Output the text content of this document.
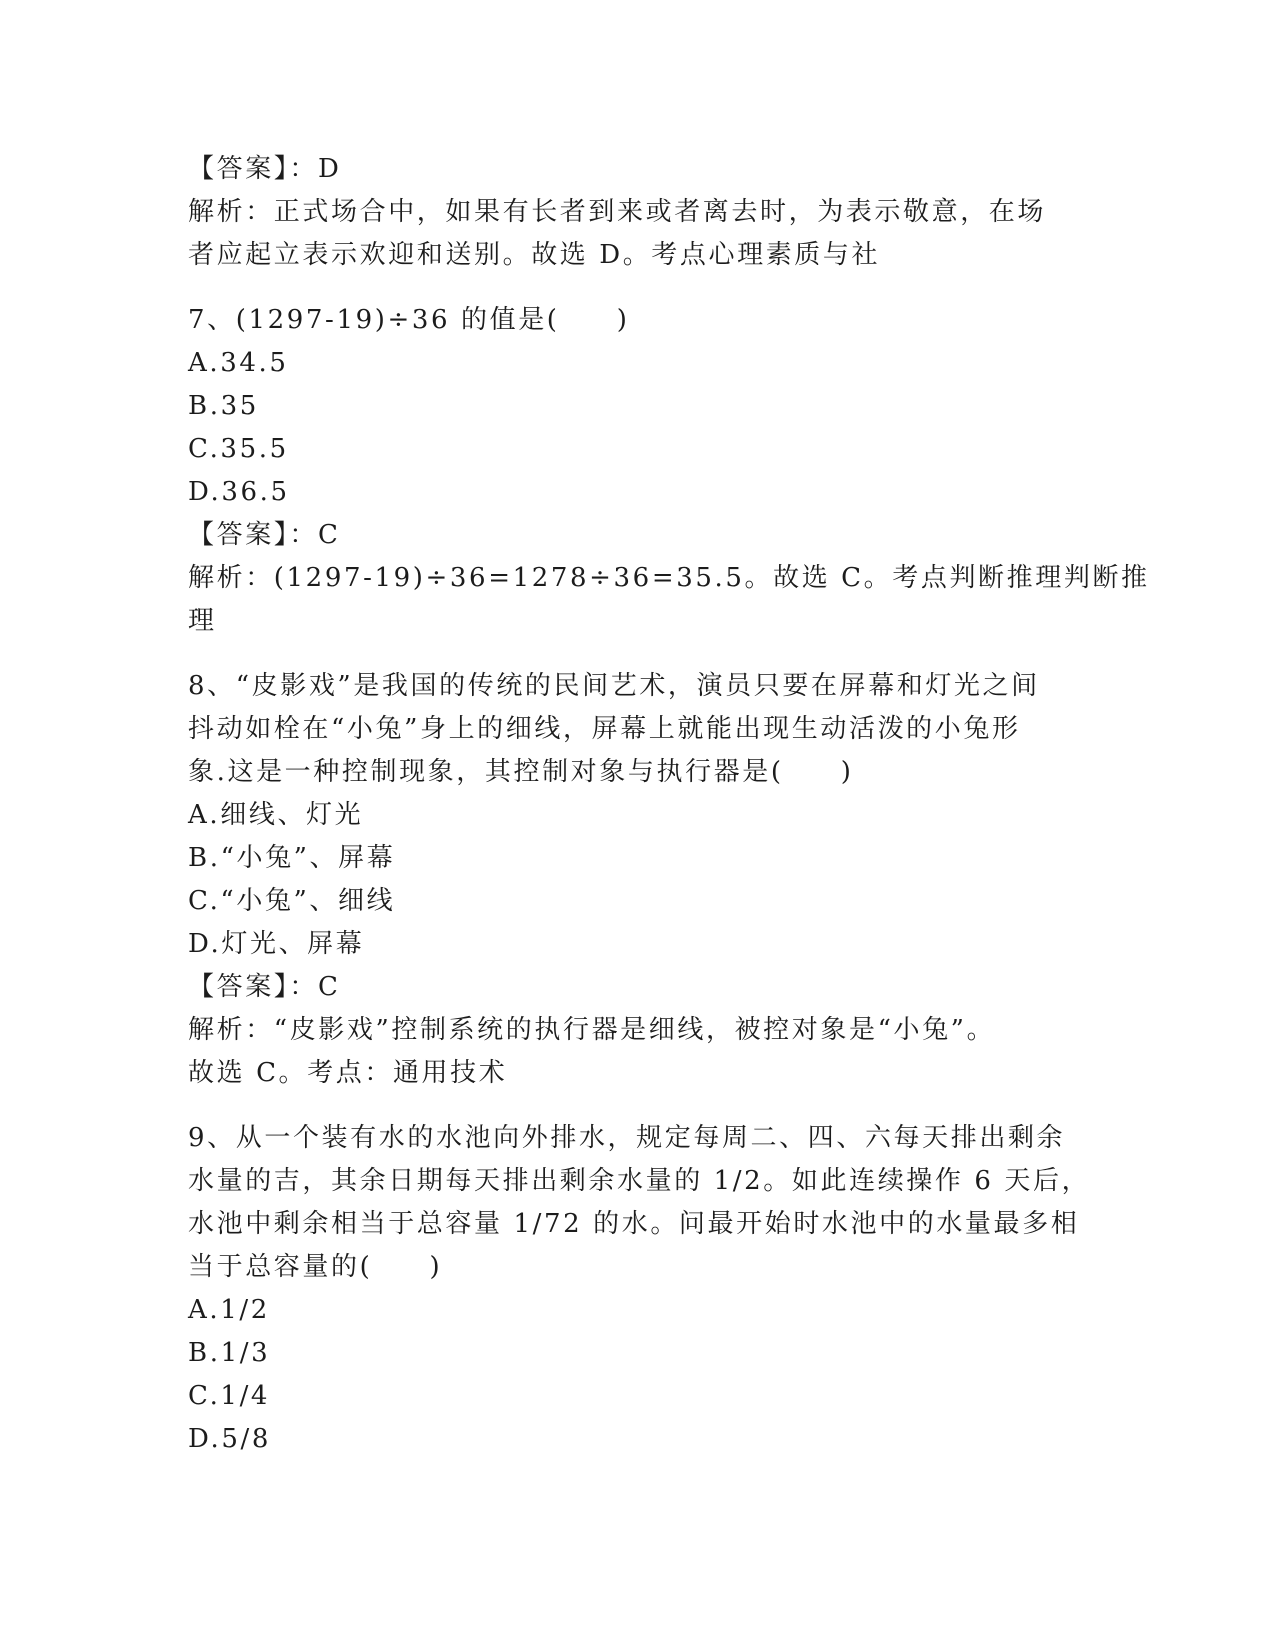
【答案】：D
解析：正式场合中，如果有长者到来或者离去时，为表示敬意，在场
者应起立表示欢迎和送别。故选 D。考点心理素质与社
7、(1297-19)÷36 的值是(　　)
A.34.5
B.35
C.35.5
D.36.5
【答案】：C
解析：(1297-19)÷36=1278÷36=35.5。故选 C。考点判断推理判断推
理
8、“皮影戏”是我国的传统的民间艺术，演员只要在屏幕和灯光之间
抖动如栓在“小兔”身上的细线，屏幕上就能出现生动活泼的小兔形
象.这是一种控制现象，其控制对象与执行器是(　　)
A.细线、灯光
B.“小兔”、屏幕
C.“小兔”、细线
D.灯光、屏幕
【答案】：C
解析：“皮影戏”控制系统的执行器是细线，被控对象是“小兔”。
故选 C。考点：通用技术
9、从一个装有水的水池向外排水，规定每周二、四、六每天排出剩余
水量的吉，其余日期每天排出剩余水量的 1/2。如此连续操作 6 天后，
水池中剩余相当于总容量 1/72 的水。问最开始时水池中的水量最多相
当于总容量的(　　)
A.1/2
B.1/3
C.1/4
D.5/8
